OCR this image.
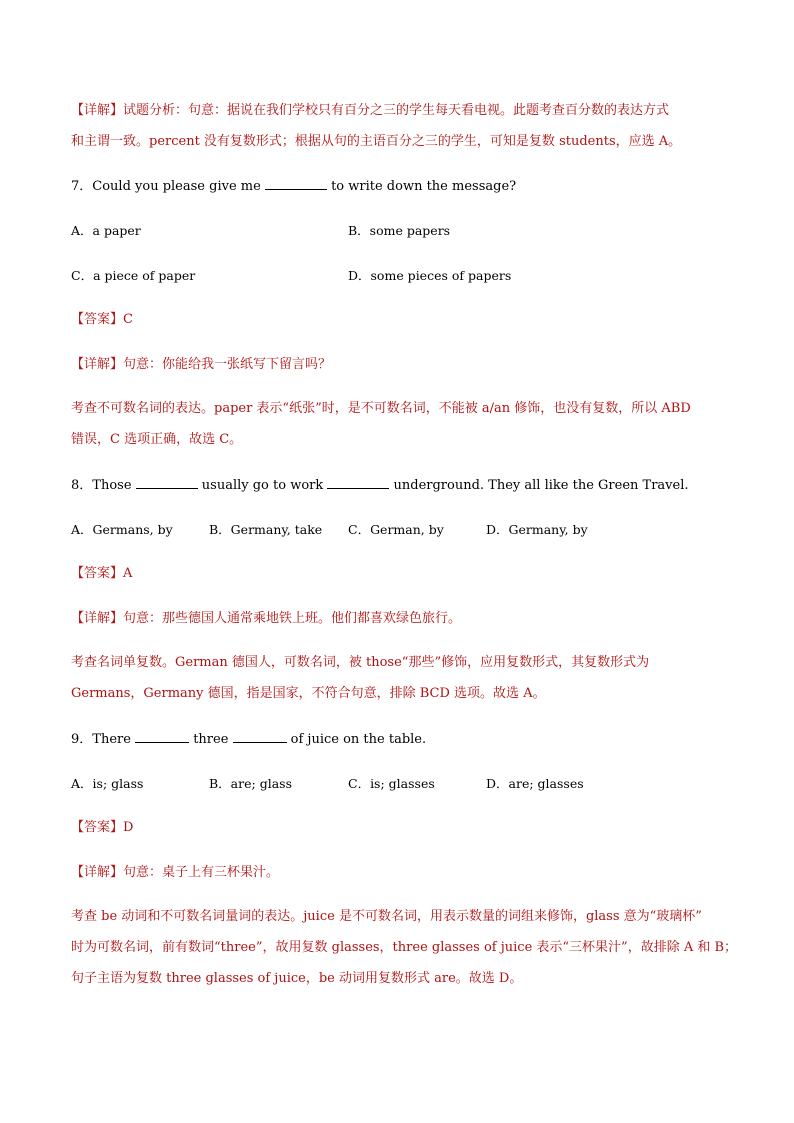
【详解】试题分析：句意：据说在我们学校只有百分之三的学生每天看电视。此题考查百分数的表达方式
和主谓一致。percent 没有复数形式；根据从句的主语百分之三的学生，可知是复数 students，应选 A。
7．Could you please give me	to write down the message?
A．a paper	B．some papers
C．a piece of paper	D．some pieces of papers
【答案】C
【详解】句意：你能给我一张纸写下留言吗？
考查不可数名词的表达。paper 表示“纸张”时，是不可数名词，不能被 a/an 修饰，也没有复数，所以 ABD
错误，C 选项正确，故选 C。
8．Those	usually go to work	underground. They all like the Green Travel.
A．Germans, by	B．Germany, take C．German, by	D．Germany, by
【答案】A
【详解】句意：那些德国人通常乘地铁上班。他们都喜欢绿色旅行。
考查名词单复数。German 德国人，可数名词，被 those“那些”修饰，应用复数形式，其复数形式为
Germans，Germany 德国，指是国家，不符合句意，排除 BCD 选项。故选 A。
9．There	three	of juice on the table.
A．is; glass	B．are; glass	C．is; glasses	D．are; glasses
【答案】D
【详解】句意：桌子上有三杯果汁。
考查 be 动词和不可数名词量词的表达。juice 是不可数名词，用表示数量的词组来修饰，glass 意为“玻璃杯”
时为可数名词，前有数词“three”，故用复数 glasses，three glasses of juice 表示“三杯果汁”，故排除 A 和 B；
句子主语为复数 three glasses of juice，be 动词用复数形式 are。故选 D。
